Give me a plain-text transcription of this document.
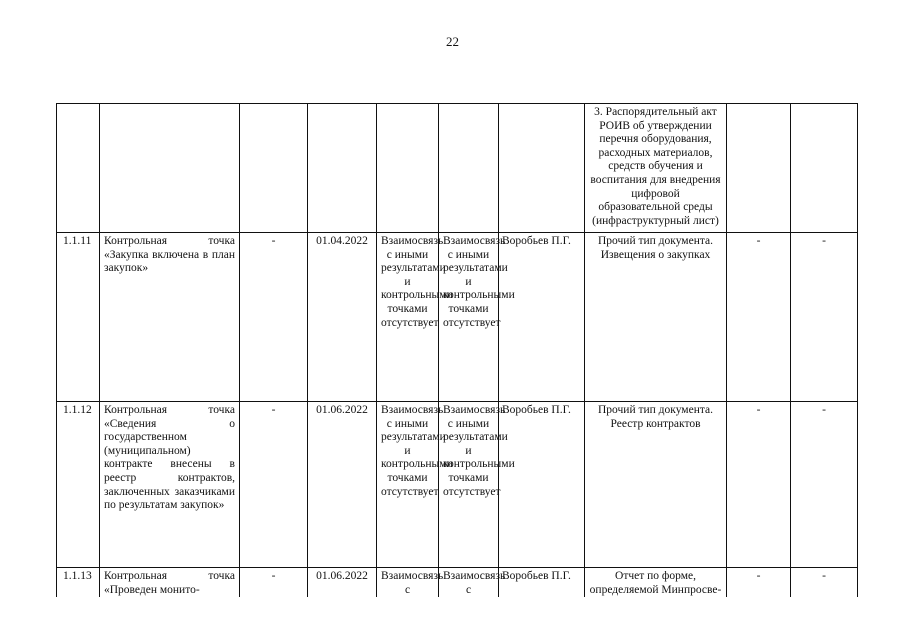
22
							3. Распорядительный акт РОИВ об утверждении перечня оборудования, расходных материалов, средств обучения и воспитания для внедрения цифровой образовательной среды (инфраструктурный лист)		
1.1.11	Контрольная точка «Закупка включена в план закупок»	-	01.04.2022	Взаимосвязь с иными результатами и контрольными точками отсутствует	Взаимосвязь с иными результатами и контрольными точками отсутствует	Воробьев П.Г.	Прочий тип документа. Извещения о закупках	-	-
1.1.12	Контрольная точка «Сведения о государственном (муниципальном) контракте внесены в реестр контрактов, заключенных заказчиками по результатам закупок»	-	01.06.2022	Взаимосвязь с иными результатами и контрольными точками отсутствует	Взаимосвязь с иными результатами и контрольными точками отсутствует	Воробьев П.Г.	Прочий тип документа. Реестр контрактов	-	-
1.1.13	Контрольная точка «Проведен монито-	-	01.06.2022	Взаимосвязь с	Взаимосвязь с	Воробьев П.Г.	Отчет по форме, определяемой Минпросве-	-	-
